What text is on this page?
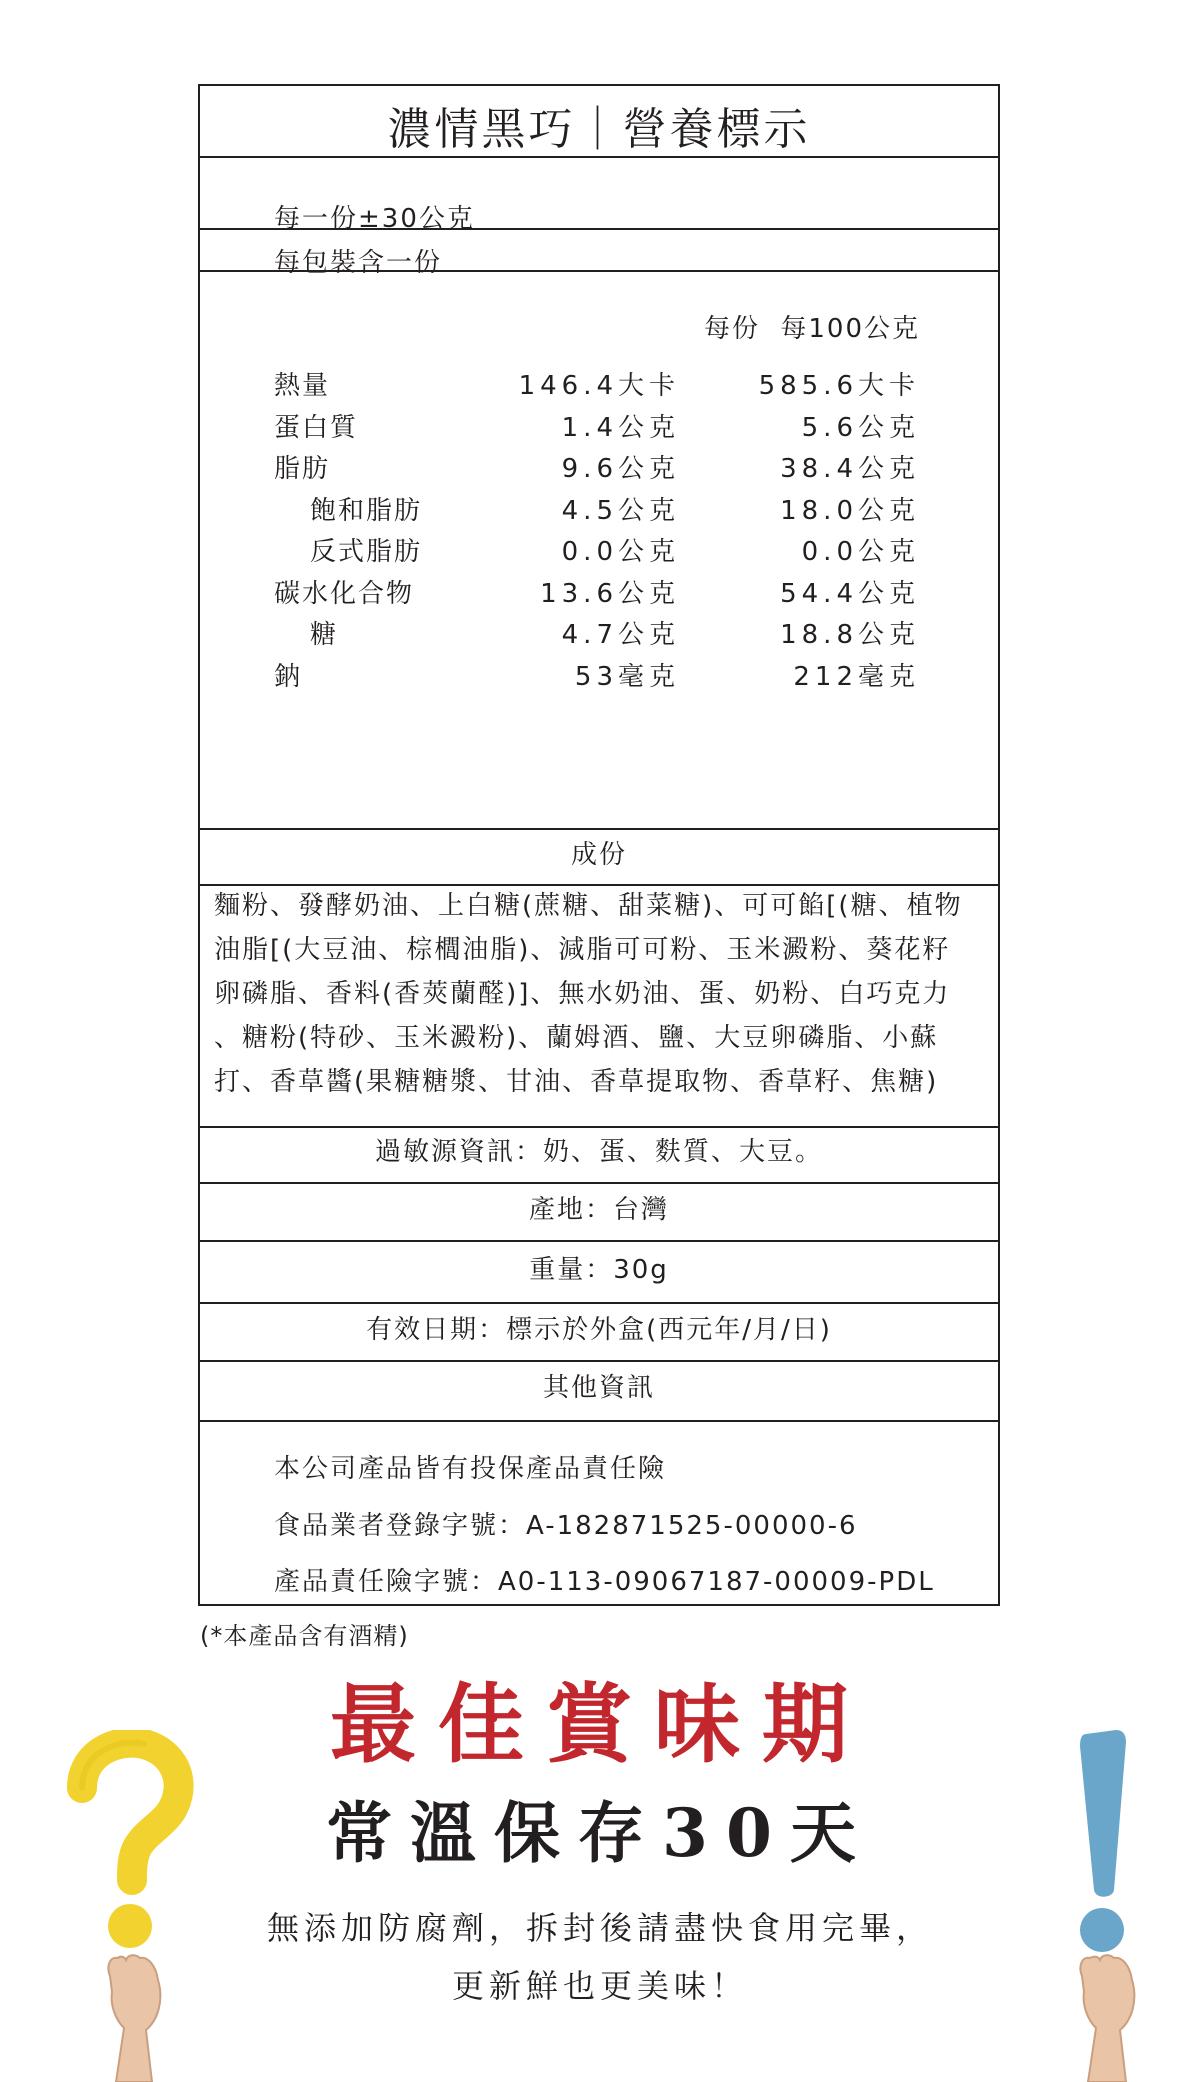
濃情黑巧｜營養標示
每一份±30公克
每包裝含一份
每份 每100公克
熱量	146.4大卡	585.6大卡
蛋白質	1.4公克	5.6公克
脂肪	9.6公克	38.4公克
飽和脂肪	4.5公克	18.0公克
反式脂肪	0.0公克	0.0公克
碳水化合物	13.6公克	54.4公克
糖	4.7公克	18.8公克
鈉	53毫克	212毫克
成份
麵粉、發酵奶油、上白糖(蔗糖、甜菜糖)、可可餡[(糖、植物
油脂[(大豆油、棕櫚油脂)、減脂可可粉、玉米澱粉、葵花籽
卵磷脂、香料(香莢蘭醛)]、無水奶油、蛋、奶粉、白巧克力
、糖粉(特砂、玉米澱粉)、蘭姆酒、鹽、大豆卵磷脂、小蘇
打、香草醬(果糖糖漿、甘油、香草提取物、香草籽、焦糖)
過敏源資訊：奶、蛋、麩質、大豆。
產地：台灣
重量：30g
有效日期：標示於外盒(西元年/月/日)
其他資訊
本公司產品皆有投保產品責任險
食品業者登錄字號：A-182871525-00000-6
產品責任險字號：A0-113-09067187-00009-PDL
(*本產品含有酒精)
最佳賞味期
常溫保存30天
無添加防腐劑，拆封後請盡快食用完畢，
更新鮮也更美味！
